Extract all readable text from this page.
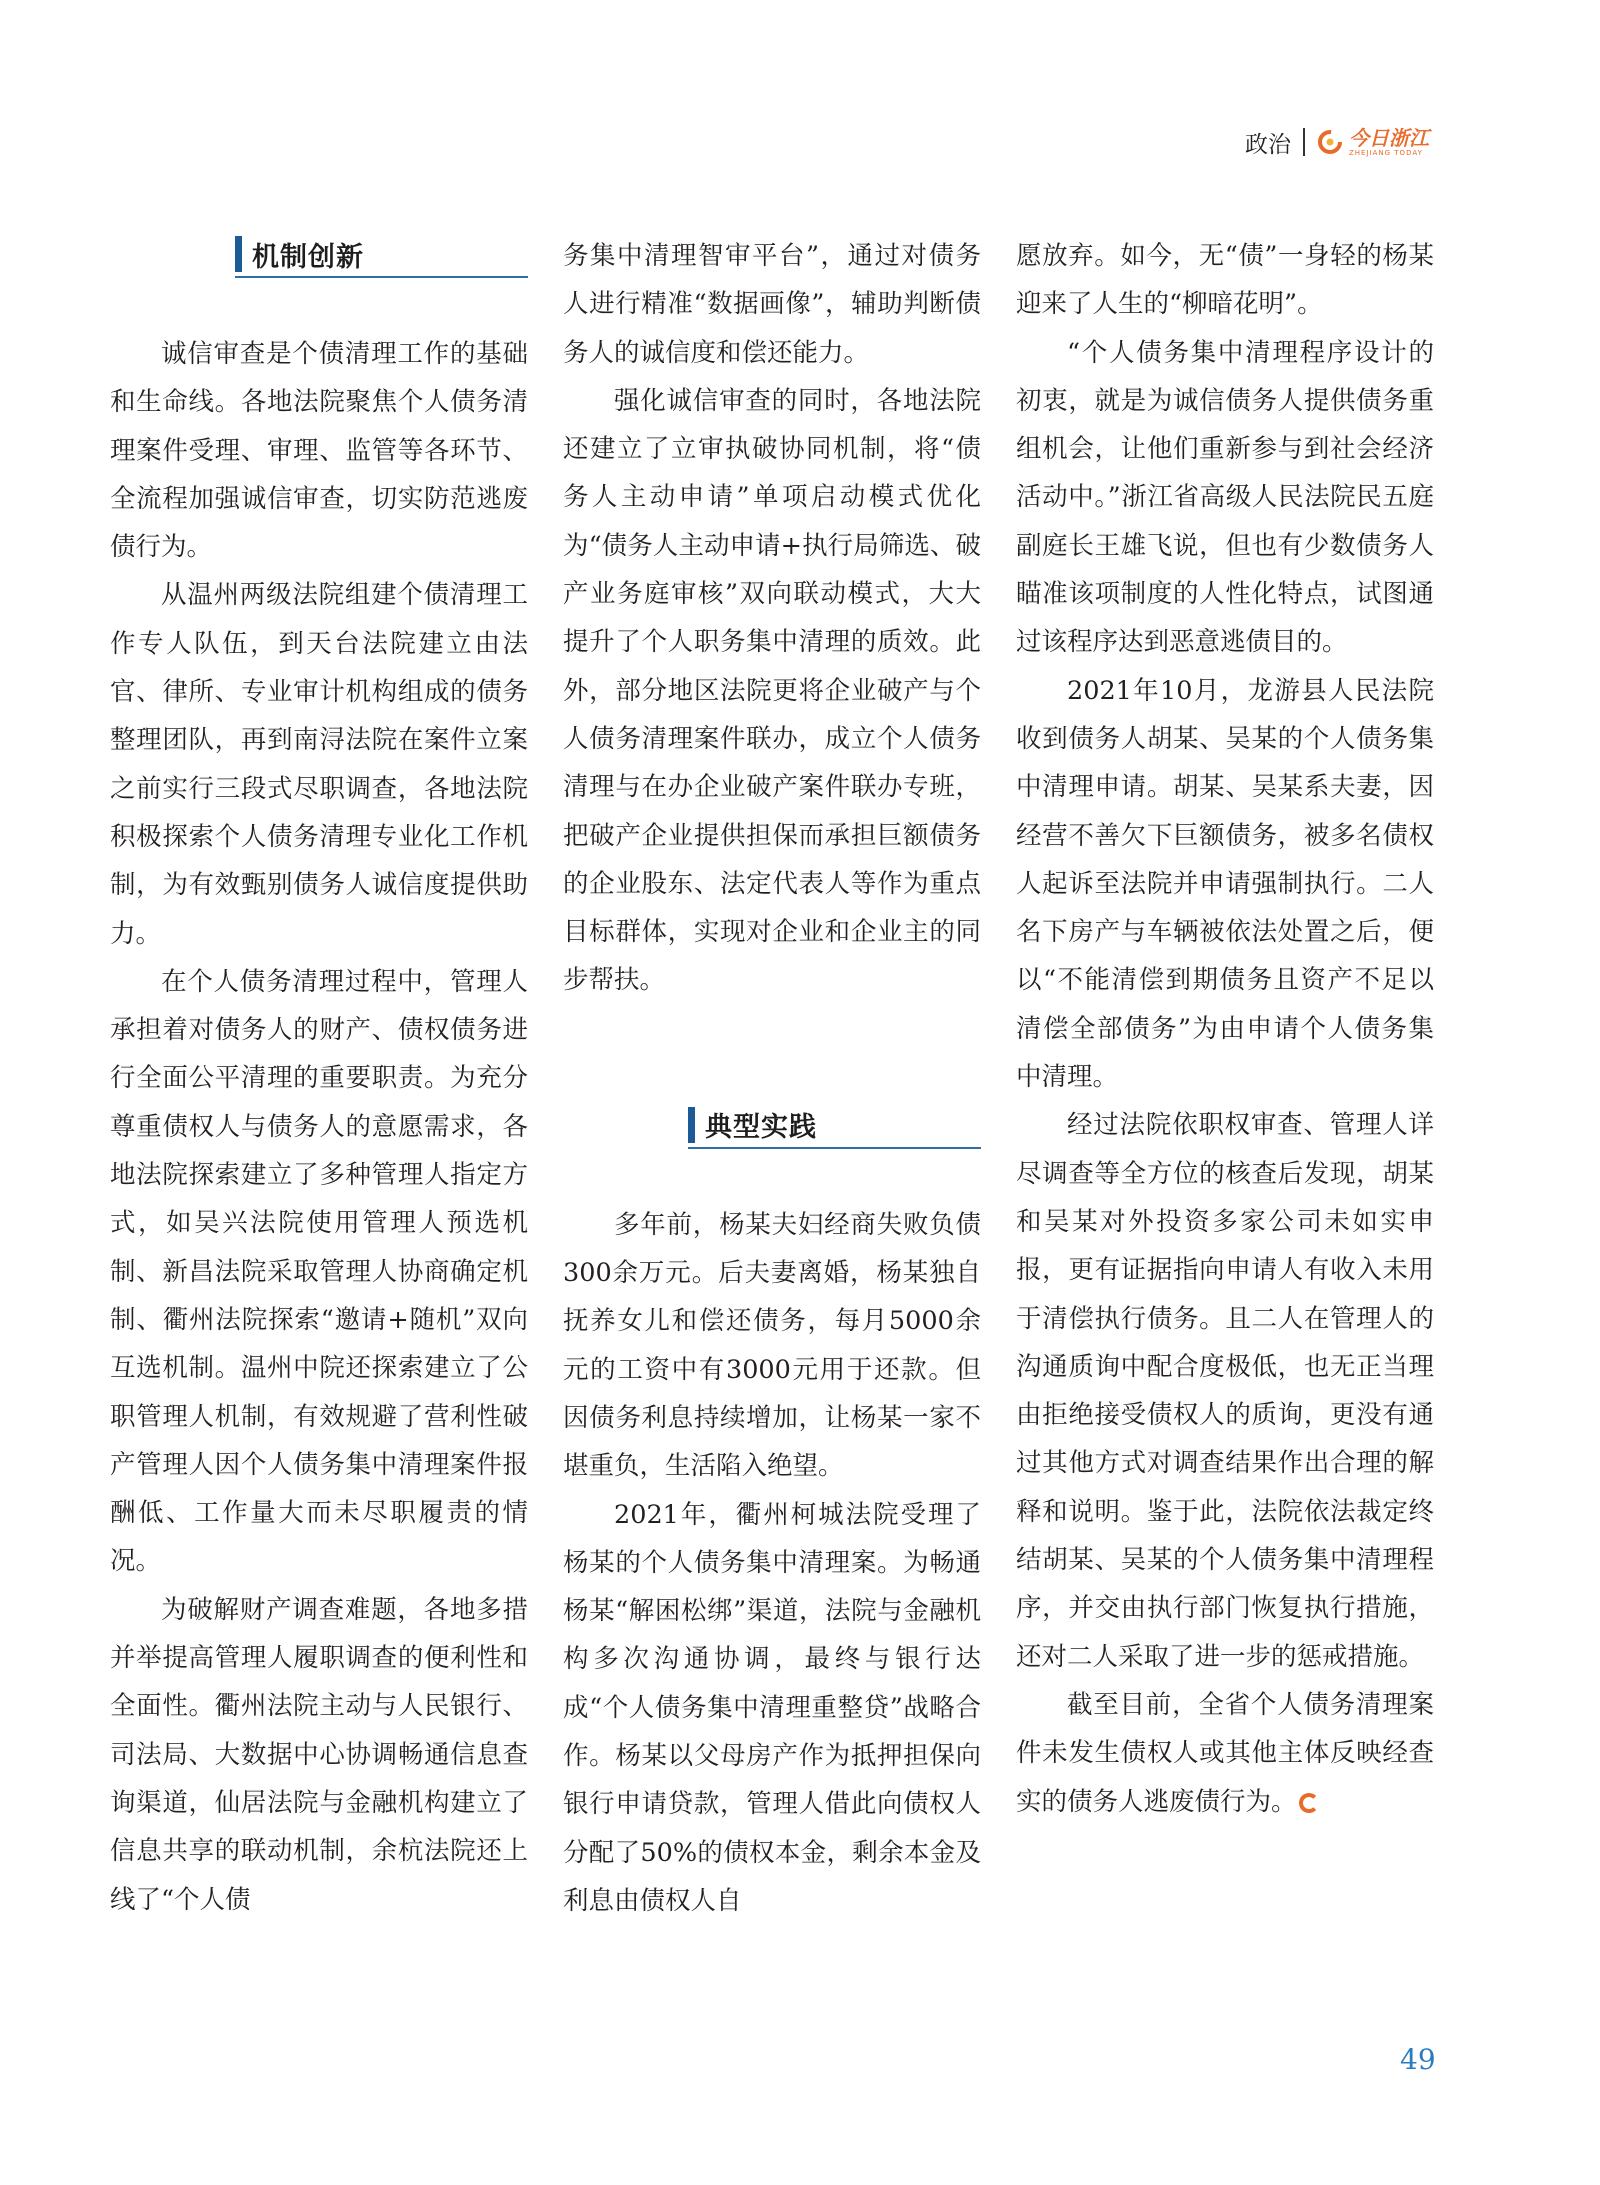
政治	今日浙江
ZHEJIANG TODAY
机制创新

诚信审查是个债清理工作的基础和生命线。各地法院聚焦个人债务清理案件受理、审理、监管等各环节、全流程加强诚信审查，切实防范逃废债行为。

从温州两级法院组建个债清理工作专人队伍，到天台法院建立由法官、律所、专业审计机构组成的债务整理团队，再到南浔法院在案件立案之前实行三段式尽职调查，各地法院积极探索个人债务清理专业化工作机制，为有效甄别债务人诚信度提供助力。

在个人债务清理过程中，管理人承担着对债务人的财产、债权债务进行全面公平清理的重要职责。为充分尊重债权人与债务人的意愿需求，各地法院探索建立了多种管理人指定方式，如吴兴法院使用管理人预选机制、新昌法院采取管理人协商确定机制、衢州法院探索“邀请+随机”双向互选机制。温州中院还探索建立了公职管理人机制，有效规避了营利性破产管理人因个人债务集中清理案件报酬低、工作量大而未尽职履责的情况。

为破解财产调查难题，各地多措并举提高管理人履职调查的便利性和全面性。衢州法院主动与人民银行、司法局、大数据中心协调畅通信息查询渠道，仙居法院与金融机构建立了信息共享的联动机制，余杭法院还上线了“个人债

务集中清理智审平台”，通过对债务人进行精准“数据画像”，辅助判断债务人的诚信度和偿还能力。

强化诚信审查的同时，各地法院还建立了立审执破协同机制，将“债务人主动申请”单项启动模式优化为“债务人主动申请+执行局筛选、破产业务庭审核”双向联动模式，大大提升了个人职务集中清理的质效。此外，部分地区法院更将企业破产与个人债务清理案件联办，成立个人债务清理与在办企业破产案件联办专班，把破产企业提供担保而承担巨额债务的企业股东、法定代表人等作为重点目标群体，实现对企业和企业主的同步帮扶。

典型实践

多年前，杨某夫妇经商失败负债300余万元。后夫妻离婚，杨某独自抚养女儿和偿还债务，每月5000余元的工资中有3000元用于还款。但因债务利息持续增加，让杨某一家不堪重负，生活陷入绝望。

2021年，衢州柯城法院受理了杨某的个人债务集中清理案。为畅通杨某“解困松绑”渠道，法院与金融机构多次沟通协调，最终与银行达成“个人债务集中清理重整贷”战略合作。杨某以父母房产作为抵押担保向银行申请贷款，管理人借此向债权人分配了50%的债权本金，剩余本金及利息由债权人自

愿放弃。如今，无“债”一身轻的杨某迎来了人生的“柳暗花明”。

“个人债务集中清理程序设计的初衷，就是为诚信债务人提供债务重组机会，让他们重新参与到社会经济活动中。”浙江省高级人民法院民五庭副庭长王雄飞说，但也有少数债务人瞄准该项制度的人性化特点，试图通过该程序达到恶意逃债目的。

2021年10月，龙游县人民法院收到债务人胡某、吴某的个人债务集中清理申请。胡某、吴某系夫妻，因经营不善欠下巨额债务，被多名债权人起诉至法院并申请强制执行。二人名下房产与车辆被依法处置之后，便以“不能清偿到期债务且资产不足以清偿全部债务”为由申请个人债务集中清理。

经过法院依职权审查、管理人详尽调查等全方位的核查后发现，胡某和吴某对外投资多家公司未如实申报，更有证据指向申请人有收入未用于清偿执行债务。且二人在管理人的沟通质询中配合度极低，也无正当理由拒绝接受债权人的质询，更没有通过其他方式对调查结果作出合理的解释和说明。鉴于此，法院依法裁定终结胡某、吴某的个人债务集中清理程序，并交由执行部门恢复执行措施，还对二人采取了进一步的惩戒措施。

截至目前，全省个人债务清理案件未发生债权人或其他主体反映经查实的债务人逃废债行为。

49
